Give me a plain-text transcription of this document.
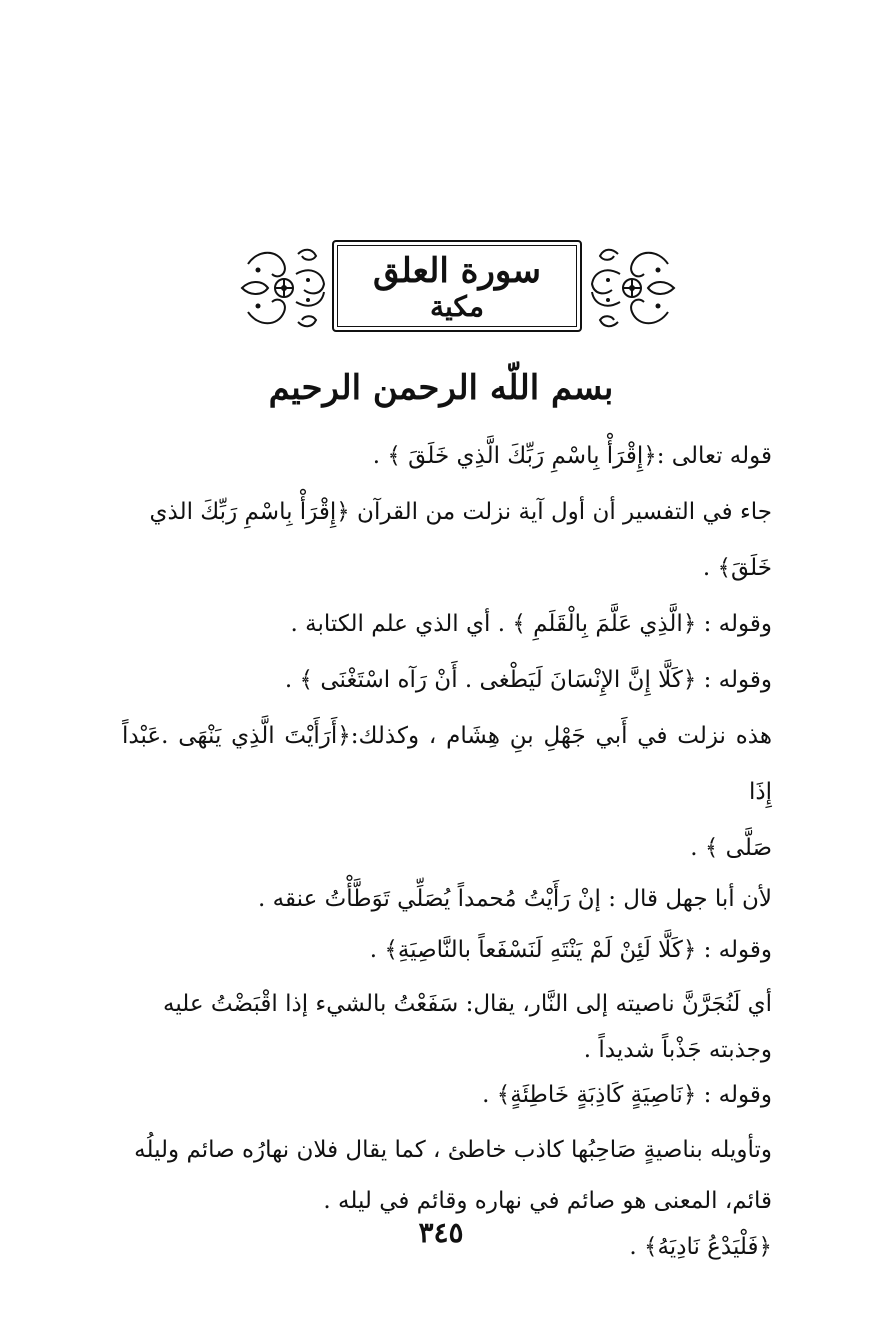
سورة العلق
مكية
بسم اللّه الرحمن الرحيم

قوله تعالى :﴿إِقْرَأْ بِاسْمِ رَبِّكَ الَّذِي خَلَقَ ﴾ .

جاء في التفسير أن أول آية نزلت من القرآن ﴿إِقْرَأْ بِاسْمِ رَبِّكَ الذي

خَلَقَ﴾ .

وقوله : ﴿الَّذِي عَلَّمَ بِالْقَلَمِ ﴾ . أي الذي علم الكتابة .

وقوله : ﴿كَلَّا إِنَّ الإِنْسَانَ لَيَطْغى . أَنْ رَآه اسْتَغْنَى ﴾ .

هذه نزلت في أَبي جَهْلِ بنِ هِشَام ، وكذلك:﴿أَرَأَيْتَ الَّذِي يَنْهَى .عَبْداً إِذَا

صَلَّى ﴾ .

لأن أبا جهل قال : إنْ رَأَيْتُ مُحمداً يُصَلِّي تَوَطَّأْتُ عنقه .

وقوله : ﴿كَلَّا لَئِنْ لَمْ يَنْتَهِ لَنَسْفَعاً بالنَّاصِيَةِ﴾ .

أي لَنُجَرَّنَّ ناصيته إلى النَّار، يقال: سَفَعْتُ بالشيء إذا اقْبَضْتُ عليه

وجذبته جَذْباً شديداً .

وقوله : ﴿نَاصِيَةٍ كَاذِبَةٍ خَاطِئَةٍ﴾ .

وتأويله بناصيةٍ صَاحِبُها كاذب خاطئ ، كما يقال فلان نهارُه صائم وليلُه

قائم، المعنى هو صائم في نهاره وقائم في ليله .

﴿فَلْيَدْعُ نَادِيَهُ﴾ .

٣٤٥
